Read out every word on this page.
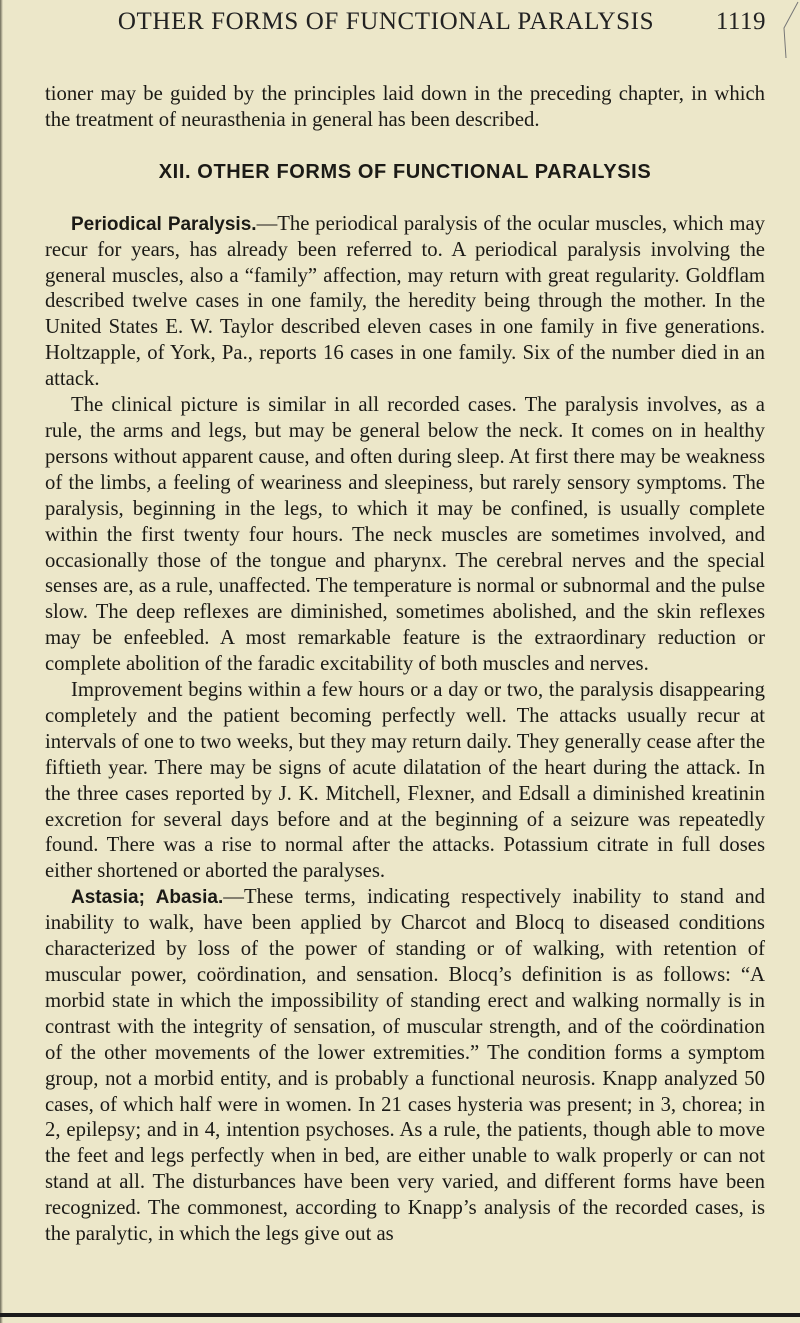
OTHER FORMS OF FUNCTIONAL PARALYSIS	1119

tioner may be guided by the principles laid down in the preceding chapter, in which the treatment of neurasthenia in general has been described.

XII. OTHER FORMS OF FUNCTIONAL PARALYSIS

Periodical Paralysis.—The periodical paralysis of the ocular muscles, which may recur for years, has already been referred to. A periodical paralysis involving the general muscles, also a “family” affection, may return with great regularity. Goldflam described twelve cases in one family, the heredity being through the mother. In the United States E. W. Taylor described eleven cases in one family in five generations. Holtzapple, of York, Pa., reports 16 cases in one family. Six of the number died in an attack.

The clinical picture is similar in all recorded cases. The paralysis involves, as a rule, the arms and legs, but may be general below the neck. It comes on in healthy persons without apparent cause, and often during sleep. At first there may be weakness of the limbs, a feeling of weariness and sleepiness, but rarely sensory symptoms. The paralysis, beginning in the legs, to which it may be confined, is usually complete within the first twenty four hours. The neck muscles are sometimes involved, and occasionally those of the tongue and pharynx. The cerebral nerves and the special senses are, as a rule, unaffected. The temperature is normal or subnormal and the pulse slow. The deep reflexes are diminished, sometimes abolished, and the skin reflexes may be enfeebled. A most remarkable feature is the extraordinary reduction or complete abolition of the faradic excitability of both muscles and nerves.

Improvement begins within a few hours or a day or two, the paralysis disappearing completely and the patient becoming perfectly well. The attacks usually recur at intervals of one to two weeks, but they may return daily. They generally cease after the fiftieth year. There may be signs of acute dilatation of the heart during the attack. In the three cases reported by J. K. Mitchell, Flexner, and Edsall a diminished kreatinin excretion for several days before and at the beginning of a seizure was repeatedly found. There was a rise to normal after the attacks. Potassium citrate in full doses either shortened or aborted the paralyses.

Astasia; Abasia.—These terms, indicating respectively inability to stand and inability to walk, have been applied by Charcot and Blocq to diseased conditions characterized by loss of the power of standing or of walking, with retention of muscular power, coördination, and sensation. Blocq’s definition is as follows: “A morbid state in which the impossibility of standing erect and walking normally is in contrast with the integrity of sensation, of muscular strength, and of the coördination of the other movements of the lower extremities.” The condition forms a symptom group, not a morbid entity, and is probably a functional neurosis. Knapp analyzed 50 cases, of which half were in women. In 21 cases hysteria was present; in 3, chorea; in 2, epilepsy; and in 4, intention psychoses. As a rule, the patients, though able to move the feet and legs perfectly when in bed, are either unable to walk properly or can not stand at all. The disturbances have been very varied, and different forms have been recognized. The commonest, according to Knapp’s analysis of the recorded cases, is the paralytic, in which the legs give out as
